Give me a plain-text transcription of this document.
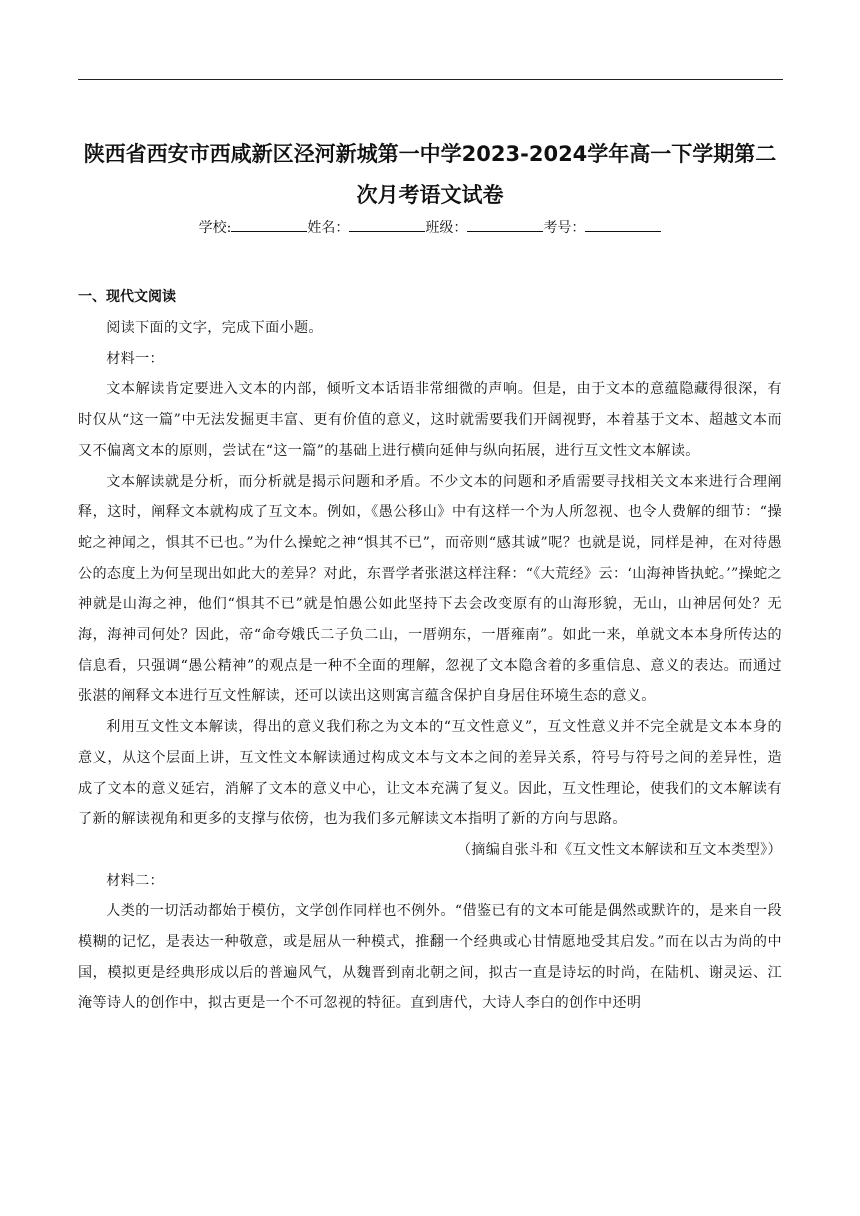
陕西省西安市西咸新区泾河新城第一中学2023-2024学年高一下学期第二
次月考语文试卷
学校:	姓名：	班级：	考号：
一、现代文阅读

阅读下面的文字，完成下面小题。

材料一：

文本解读肯定要进入文本的内部，倾听文本话语非常细微的声响。但是，由于文本的意蕴隐藏得很深，有时仅从“这一篇”中无法发掘更丰富、更有价值的意义，这时就需要我们开阔视野，本着基于文本、超越文本而又不偏离文本的原则，尝试在“这一篇”的基础上进行横向延伸与纵向拓展，进行互文性文本解读。

文本解读就是分析，而分析就是揭示问题和矛盾。不少文本的问题和矛盾需要寻找相关文本来进行合理阐释，这时，阐释文本就构成了互文本。例如，《愚公移山》中有这样一个为人所忽视、也令人费解的细节：“操蛇之神闻之，惧其不已也。”为什么操蛇之神“惧其不已”，而帝则“感其诚”呢？也就是说，同样是神，在对待愚公的态度上为何呈现出如此大的差异？对此，东晋学者张湛这样注释：“《大荒经》云：‘山海神皆执蛇。’”操蛇之神就是山海之神，他们“惧其不已”就是怕愚公如此坚持下去会改变原有的山海形貌，无山，山神居何处？无海，海神司何处？因此，帝“命夸娥氏二子负二山，一厝朔东，一厝雍南”。如此一来，单就文本本身所传达的信息看，只强调“愚公精神”的观点是一种不全面的理解，忽视了文本隐含着的多重信息、意义的表达。而通过张湛的阐释文本进行互文性解读，还可以读出这则寓言蕴含保护自身居住环境生态的意义。

利用互文性文本解读，得出的意义我们称之为文本的“互文性意义”，互文性意义并不完全就是文本本身的意义，从这个层面上讲，互文性文本解读通过构成文本与文本之间的差异关系，符号与符号之间的差异性，造成了文本的意义延宕，消解了文本的意义中心，让文本充满了复义。因此，互文性理论，使我们的文本解读有了新的解读视角和更多的支撑与依傍，也为我们多元解读文本指明了新的方向与思路。

（摘编自张斗和《互文性文本解读和互文本类型》）

材料二：

人类的一切活动都始于模仿，文学创作同样也不例外。“借鉴已有的文本可能是偶然或默许的，是来自一段模糊的记忆，是表达一种敬意，或是屈从一种模式，推翻一个经典或心甘情愿地受其启发。”而在以古为尚的中国，模拟更是经典形成以后的普遍风气，从魏晋到南北朝之间，拟古一直是诗坛的时尚，在陆机、谢灵运、江淹等诗人的创作中，拟古更是一个不可忽视的特征。直到唐代，大诗人李白的创作中还明
